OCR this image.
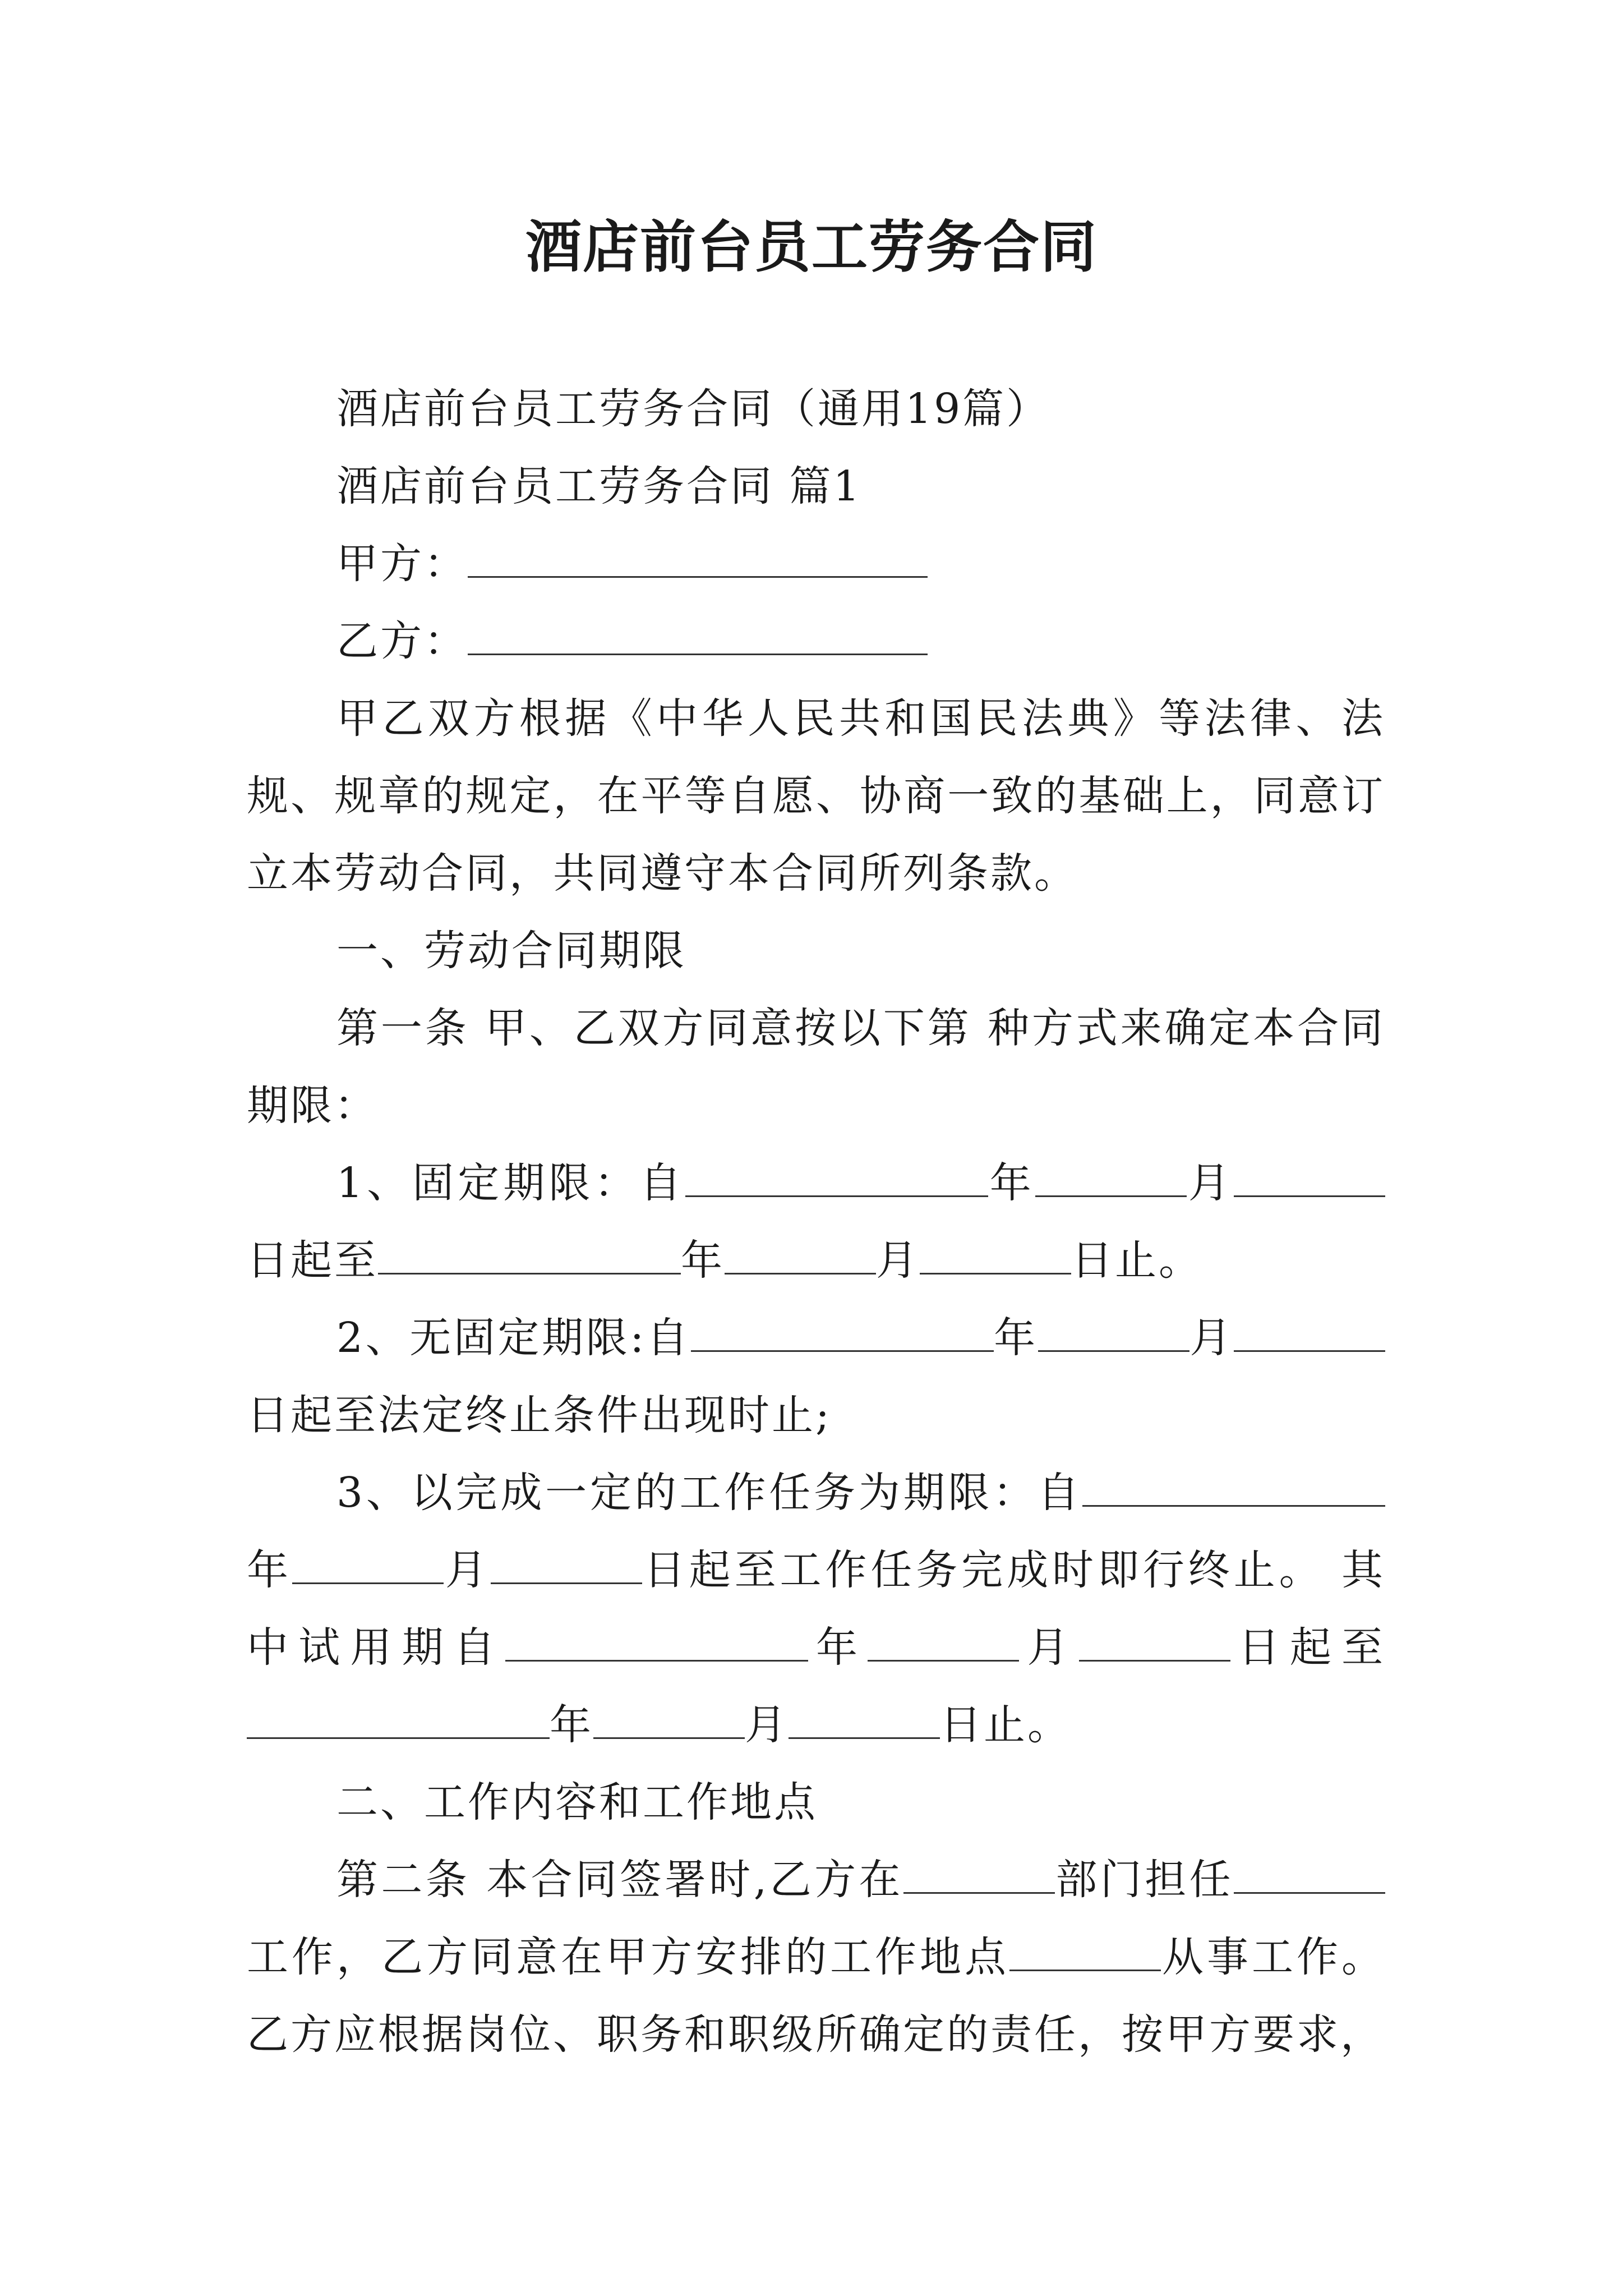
酒店前台员工劳务合同

酒店前台员工劳务合同（通用19篇）

酒店前台员工劳务合同 篇1

甲方：

乙方：

甲乙双方根据《中华人民共和国民法典》等法律、法规、规章的规定，在平等自愿、协商一致的基础上，同意订立本劳动合同，共同遵守本合同所列条款。

一、劳动合同期限

第一条 甲、乙双方同意按以下第 种方式来确定本合同期限：

1、固定期限：自	年	月日起至	年	月	日止。

2、无固定期限:自	年	月日起至法定终止条件出现时止;

3、以完成一定的工作任务为期限：自年	月	日起至工作任务完成时即行终止。 其中试用期自	年	月	日起至年	月	日止。

二、工作内容和工作地点

第二条 本合同签署时,乙方在	部门担任工作，乙方同意在甲方安排的工作地点	从事工作。乙方应根据岗位、职务和职级所确定的责任，按甲方要求，
